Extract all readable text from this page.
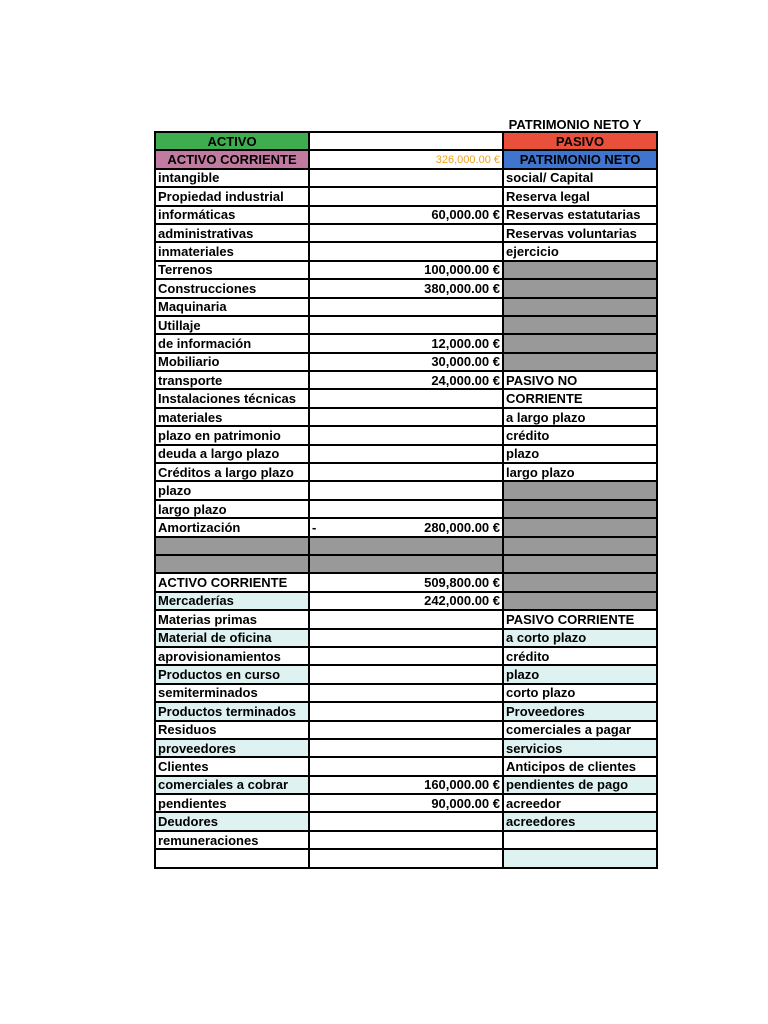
PATRIMONIO NETO Y
ACTIVO		PASIVO
ACTIVO CORRIENTE	326,000.00 €	PATRIMONIO NETO
intangible		social/ Capital
Propiedad industrial		Reserva legal
informáticas	60,000.00 €	Reservas estatutarias
administrativas		Reservas voluntarias
inmateriales		ejercicio
Terrenos	100,000.00 €	
Construcciones	380,000.00 €	
Maquinaria		
Utillaje		
de información	12,000.00 €	
Mobiliario	30,000.00 €	
transporte	24,000.00 €	PASIVO NO
Instalaciones técnicas		CORRIENTE
materiales		a largo plazo
plazo en patrimonio		crédito
deuda a largo plazo		plazo
Créditos a largo plazo		largo plazo
plazo		
largo plazo		
Amortización	- 280,000.00 €	

ACTIVO CORRIENTE	509,800.00 €	
Mercaderías	242,000.00 €	
Materias primas		PASIVO CORRIENTE
Material de oficina		a corto plazo
aprovisionamientos		crédito
Productos en curso		plazo
semiterminados		corto plazo
Productos terminados		Proveedores
Residuos		comerciales a pagar
proveedores		servicios
Clientes		Anticipos de clientes
comerciales a cobrar	160,000.00 €	pendientes de pago
pendientes	90,000.00 €	acreedor
Deudores		acreedores
remuneraciones		
